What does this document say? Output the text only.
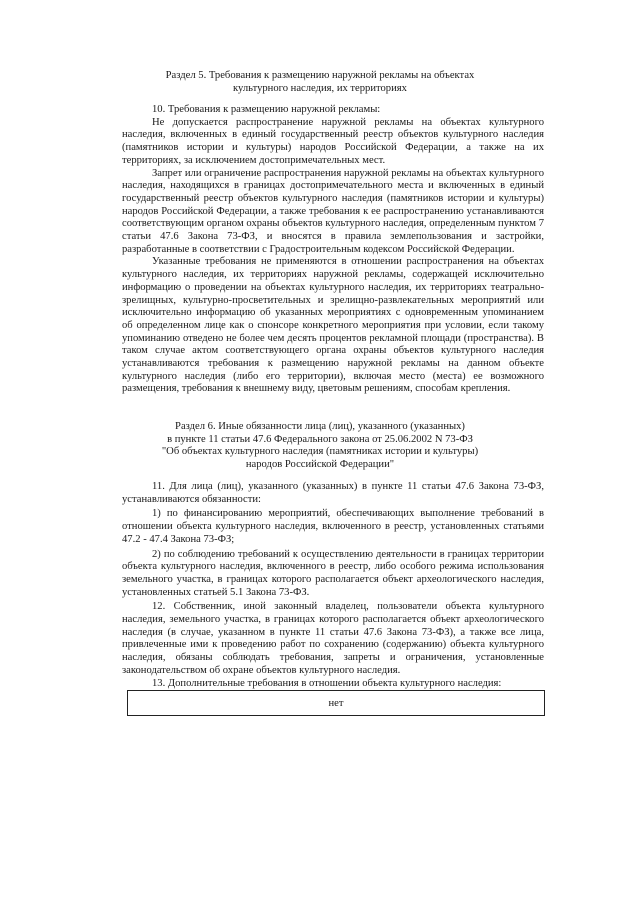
Раздел 5. Требования к размещению наружной рекламы на объектах
культурного наследия, их территориях

10. Требования к размещению наружной рекламы:

Не допускается распространение наружной рекламы на объектах культурного наследия, включенных в единый государственный реестр объектов культурного наследия (памятников истории и культуры) народов Российской Федерации, а также на их территориях, за исключением достопримечательных мест.

Запрет или ограничение распространения наружной рекламы на объектах культурного наследия, находящихся в границах достопримечательного места и включенных в единый государственный реестр объектов культурного наследия (памятников истории и культуры) народов Российской Федерации, а также требования к ее распространению устанавливаются соответствующим органом охраны объектов культурного наследия, определенным пунктом 7 статьи 47.6 Закона 73-ФЗ, и вносятся в правила землепользования и застройки, разработанные в соответствии с Градостроительным кодексом Российской Федерации.

Указанные требования не применяются в отношении распространения на объектах культурного наследия, их территориях наружной рекламы, содержащей исключительно информацию о проведении на объектах культурного наследия, их территориях театрально-зрелищных, культурно-просветительных и зрелищно-развлекательных мероприятий или исключительно информацию об указанных мероприятиях с одновременным упоминанием об определенном лице как о спонсоре конкретного мероприятия при условии, если такому упоминанию отведено не более чем десять процентов рекламной площади (пространства). В таком случае актом соответствующего органа охраны объектов культурного наследия устанавливаются требования к размещению наружной рекламы на данном объекте культурного наследия (либо его территории), включая место (места) ее возможного размещения, требования к внешнему виду, цветовым решениям, способам крепления.

Раздел 6. Иные обязанности лица (лиц), указанного (указанных)
в пункте 11 статьи 47.6 Федерального закона от 25.06.2002 N 73-ФЗ
"Об объектах культурного наследия (памятниках истории и культуры)
народов Российской Федерации"

11. Для лица (лиц), указанного (указанных) в пункте 11 статьи 47.6 Закона 73-ФЗ, устанавливаются обязанности:

1) по финансированию мероприятий, обеспечивающих выполнение требований в отношении объекта культурного наследия, включенного в реестр, установленных статьями 47.2 - 47.4 Закона 73-ФЗ;

2) по соблюдению требований к осуществлению деятельности в границах территории объекта культурного наследия, включенного в реестр, либо особого режима использования земельного участка, в границах которого располагается объект археологического наследия, установленных статьей 5.1 Закона 73-ФЗ.

12. Собственник, иной законный владелец, пользователи объекта культурного наследия, земельного участка, в границах которого располагается объект археологического наследия (в случае, указанном в пункте 11 статьи 47.6 Закона 73-ФЗ), а также все лица, привлеченные ими к проведению работ по сохранению (содержанию) объекта культурного наследия, обязаны соблюдать требования, запреты и ограничения, установленные законодательством об охране объектов культурного наследия.

13. Дополнительные требования в отношении объекта культурного наследия:

нет
